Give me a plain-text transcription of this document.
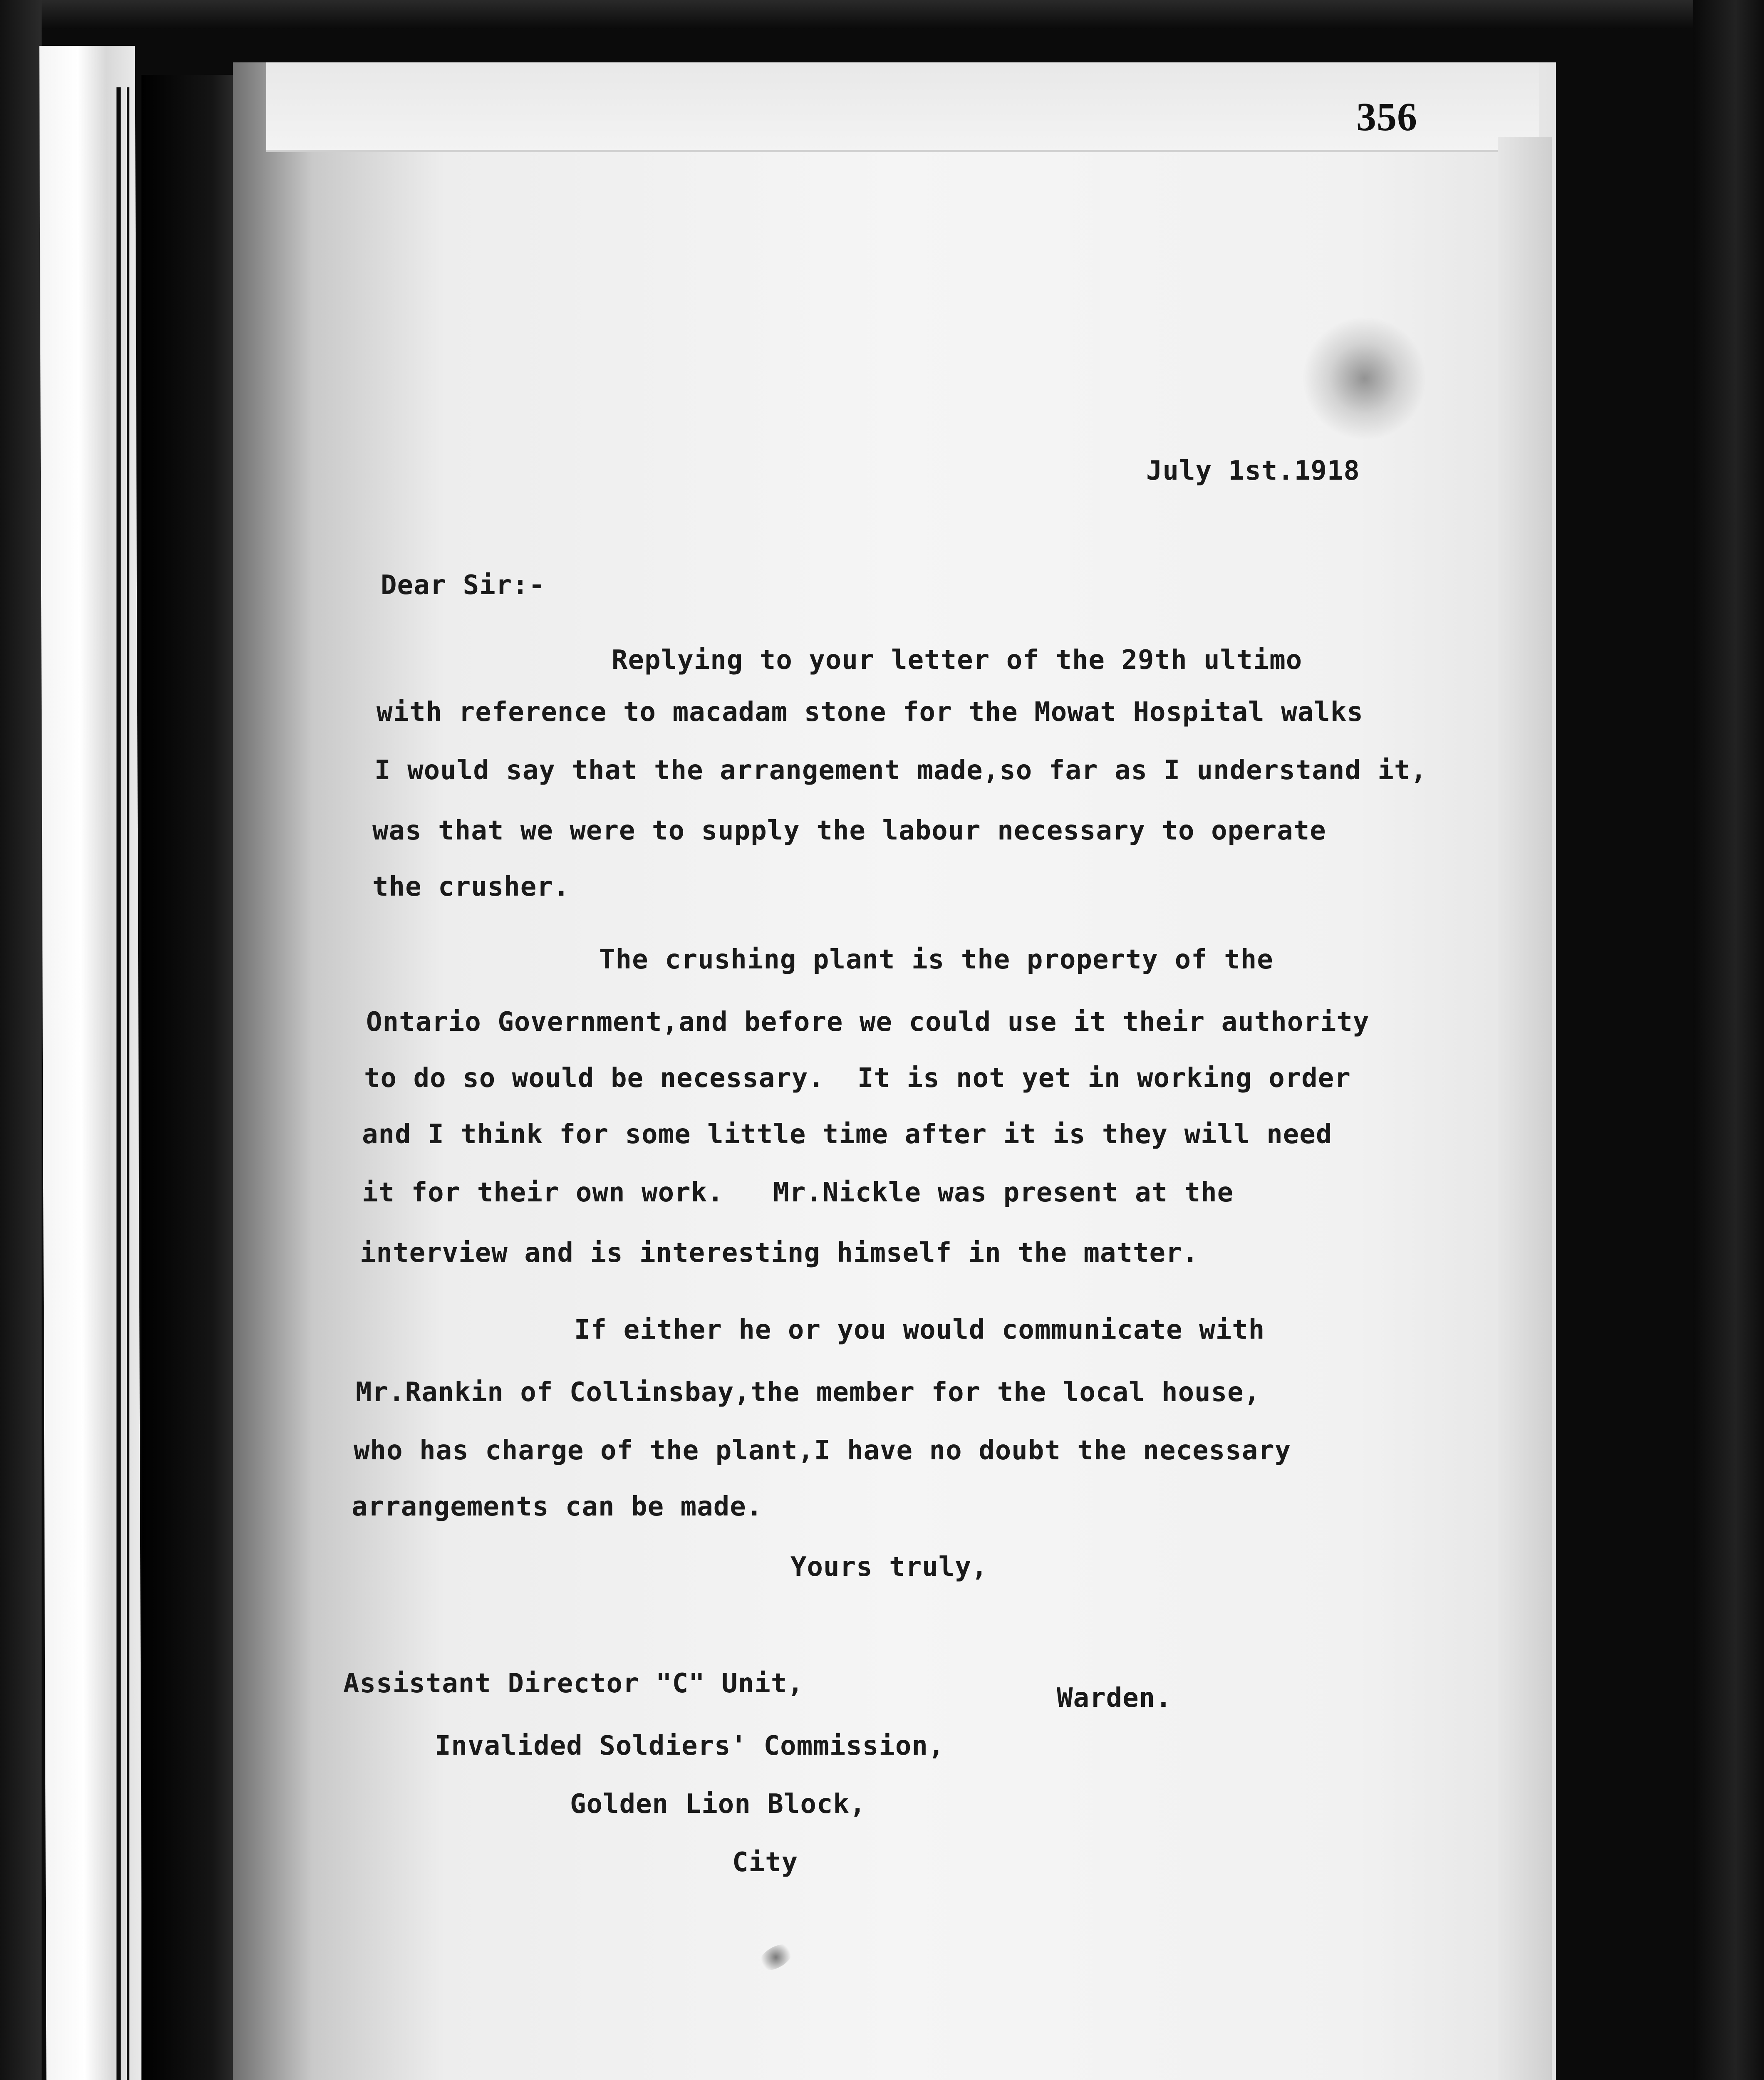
356
July 1st.1918
Dear Sir:-
Replying to your letter of the 29th ultimo
with reference to macadam stone for the Mowat Hospital walks
I would say that the arrangement made,so far as I understand it,
was that we were to supply the labour necessary to operate
the crusher.
The crushing plant is the property of the
Ontario Government,and before we could use it their authority
to do so would be necessary.  It is not yet in working order
and I think for some little time after it is they will need
it for their own work.   Mr.Nickle was present at the
interview and is interesting himself in the matter.
If either he or you would communicate with
Mr.Rankin of Collinsbay,the member for the local house,
who has charge of the plant,I have no doubt the necessary
arrangements can be made.
Yours truly,
Warden.
Assistant Director "C" Unit,
Invalided Soldiers' Commission,
Golden Lion Block,
City
